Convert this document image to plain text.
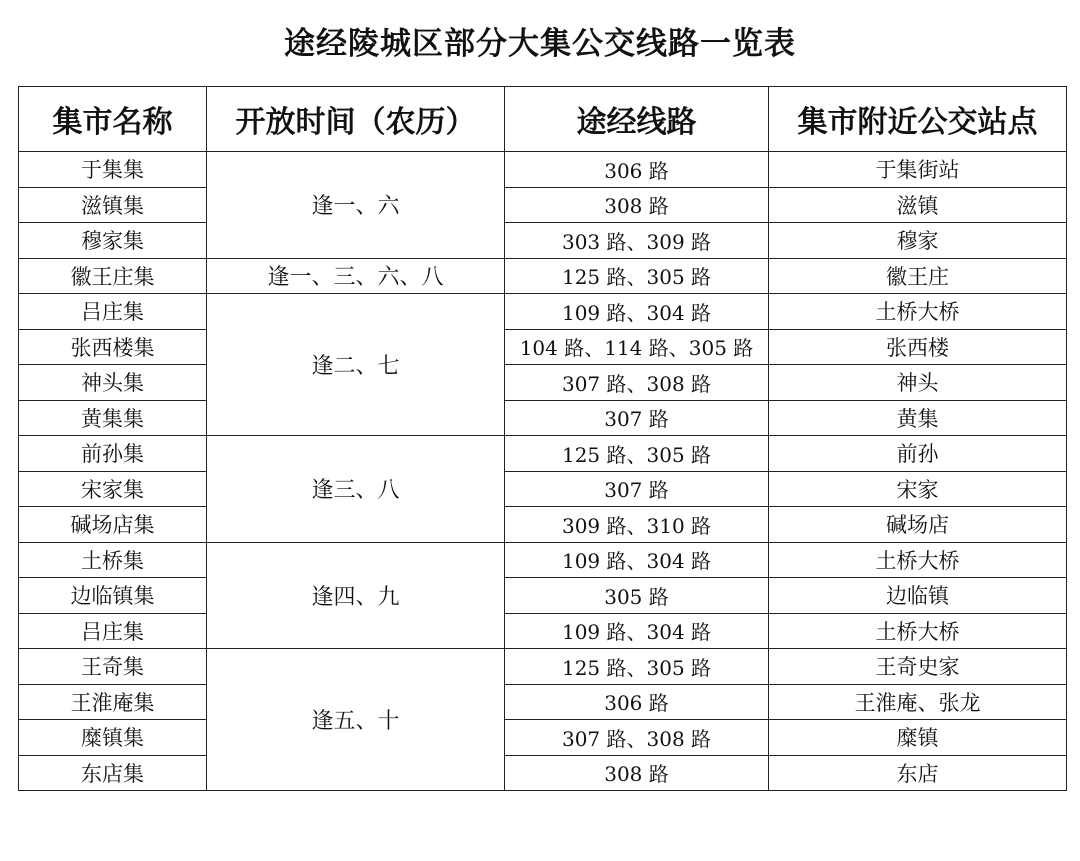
途经陵城区部分大集公交线路一览表
集市名称	开放时间（农历）	途经线路	集市附近公交站点
于集集	逢一、六	306 路	于集街站
滋镇集		308 路	滋镇
穆家集		303 路、309 路	穆家
徽王庄集	逢一、三、六、八	125 路、305 路	徽王庄
吕庄集	逢二、七	109 路、304 路	土桥大桥
张西楼集		104 路、114 路、305 路	张西楼
神头集		307 路、308 路	神头
黄集集		307 路	黄集
前孙集	逢三、八	125 路、305 路	前孙
宋家集		307 路	宋家
碱场店集		309 路、310 路	碱场店
土桥集	逢四、九	109 路、304 路	土桥大桥
边临镇集		305 路	边临镇
吕庄集		109 路、304 路	土桥大桥
王奇集	逢五、十	125 路、305 路	王奇史家
王淮庵集		306 路	王淮庵、张龙
糜镇集		307 路、308 路	糜镇
东店集		308 路	东店
